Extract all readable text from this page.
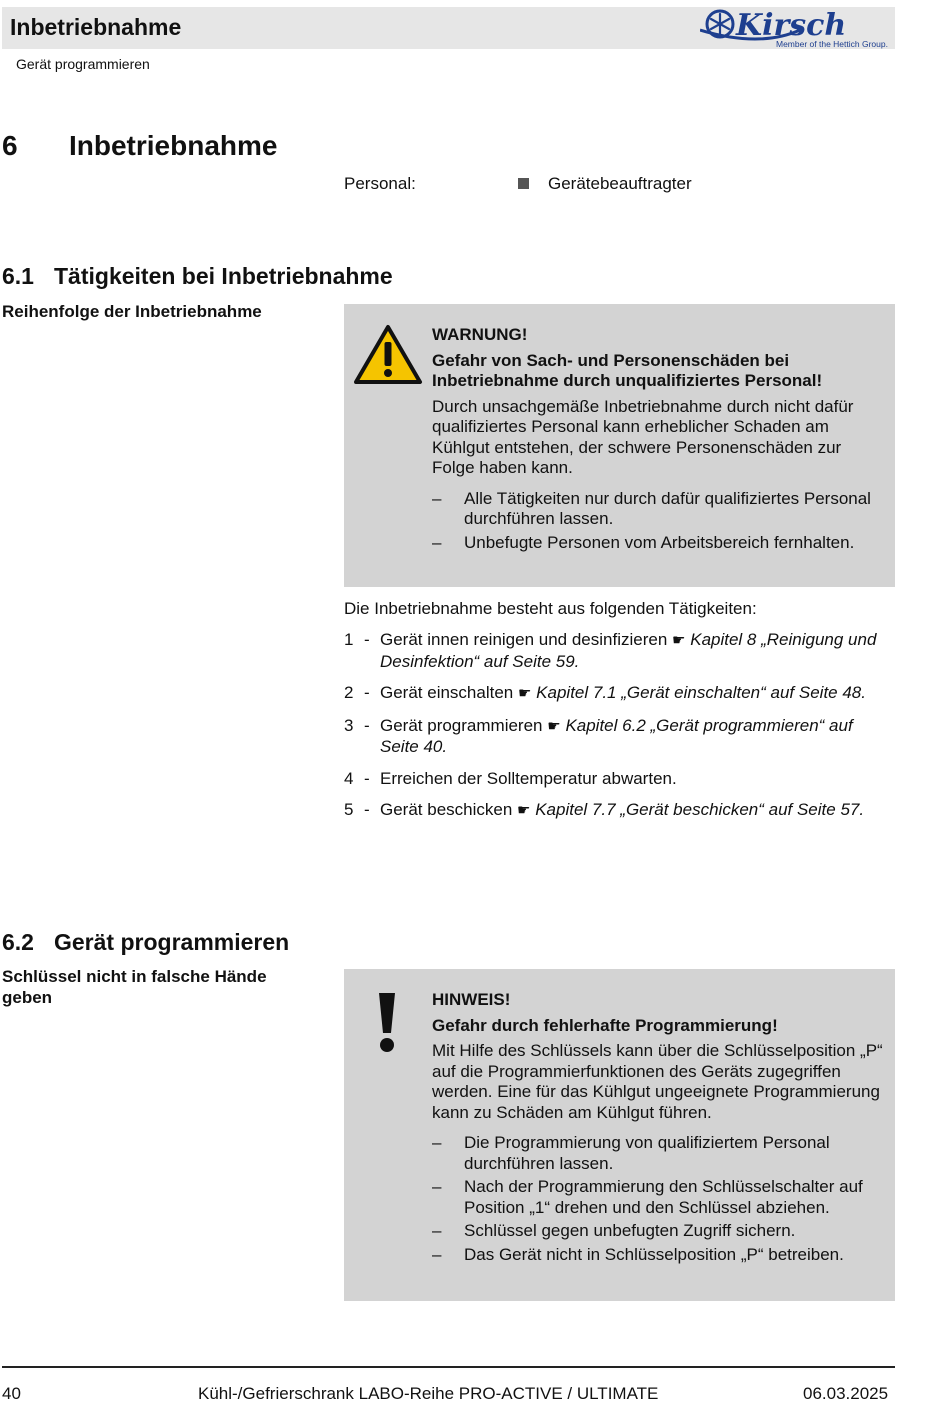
Inbetriebnahme
Gerät programmieren
Kirsch
Member of the Hettich Group.
6 Inbetriebnahme
Personal:	Gerätebeauftragter
6.1 Tätigkeiten bei Inbetriebnahme
Reihenfolge der Inbetriebnahme
WARNUNG!
Gefahr von Sach- und Personenschäden bei Inbetriebnahme durch unqualifiziertes Personal!
Durch unsachgemäße Inbetriebnahme durch nicht dafür qualifiziertes Personal kann erheblicher Schaden am Kühlgut entstehen, der schwere Personenschäden zur Folge haben kann.
– Alle Tätigkeiten nur durch dafür qualifiziertes Personal durchführen lassen.
– Unbefugte Personen vom Arbeitsbereich fernhalten.
Die Inbetriebnahme besteht aus folgenden Tätigkeiten:
1 - Gerät innen reinigen und desinfizieren ☛ Kapitel 8 „Reinigung und Desinfektion“ auf Seite 59.
2 - Gerät einschalten ☛ Kapitel 7.1 „Gerät einschalten“ auf Seite 48.
3 - Gerät programmieren ☛ Kapitel 6.2 „Gerät programmieren“ auf Seite 40.
4 - Erreichen der Solltemperatur abwarten.
5 - Gerät beschicken ☛ Kapitel 7.7 „Gerät beschicken“ auf Seite 57.
6.2 Gerät programmieren
Schlüssel nicht in falsche Hände geben	HINWEIS!
Gefahr durch fehlerhafte Programmierung!
Mit Hilfe des Schlüssels kann über die Schlüsselposition „P“ auf die Programmierfunktionen des Geräts zugegriffen werden. Eine für das Kühlgut ungeeignete Programmierung kann zu Schäden am Kühlgut führen.
– Die Programmierung von qualifiziertem Personal durchführen lassen.
– Nach der Programmierung den Schlüsselschalter auf Position „1“ drehen und den Schlüssel abziehen.
– Schlüssel gegen unbefugten Zugriff sichern.
– Das Gerät nicht in Schlüsselposition „P“ betreiben.
40	Kühl-/Gefrierschrank LABO-Reihe PRO-ACTIVE / ULTIMATE	06.03.2025
